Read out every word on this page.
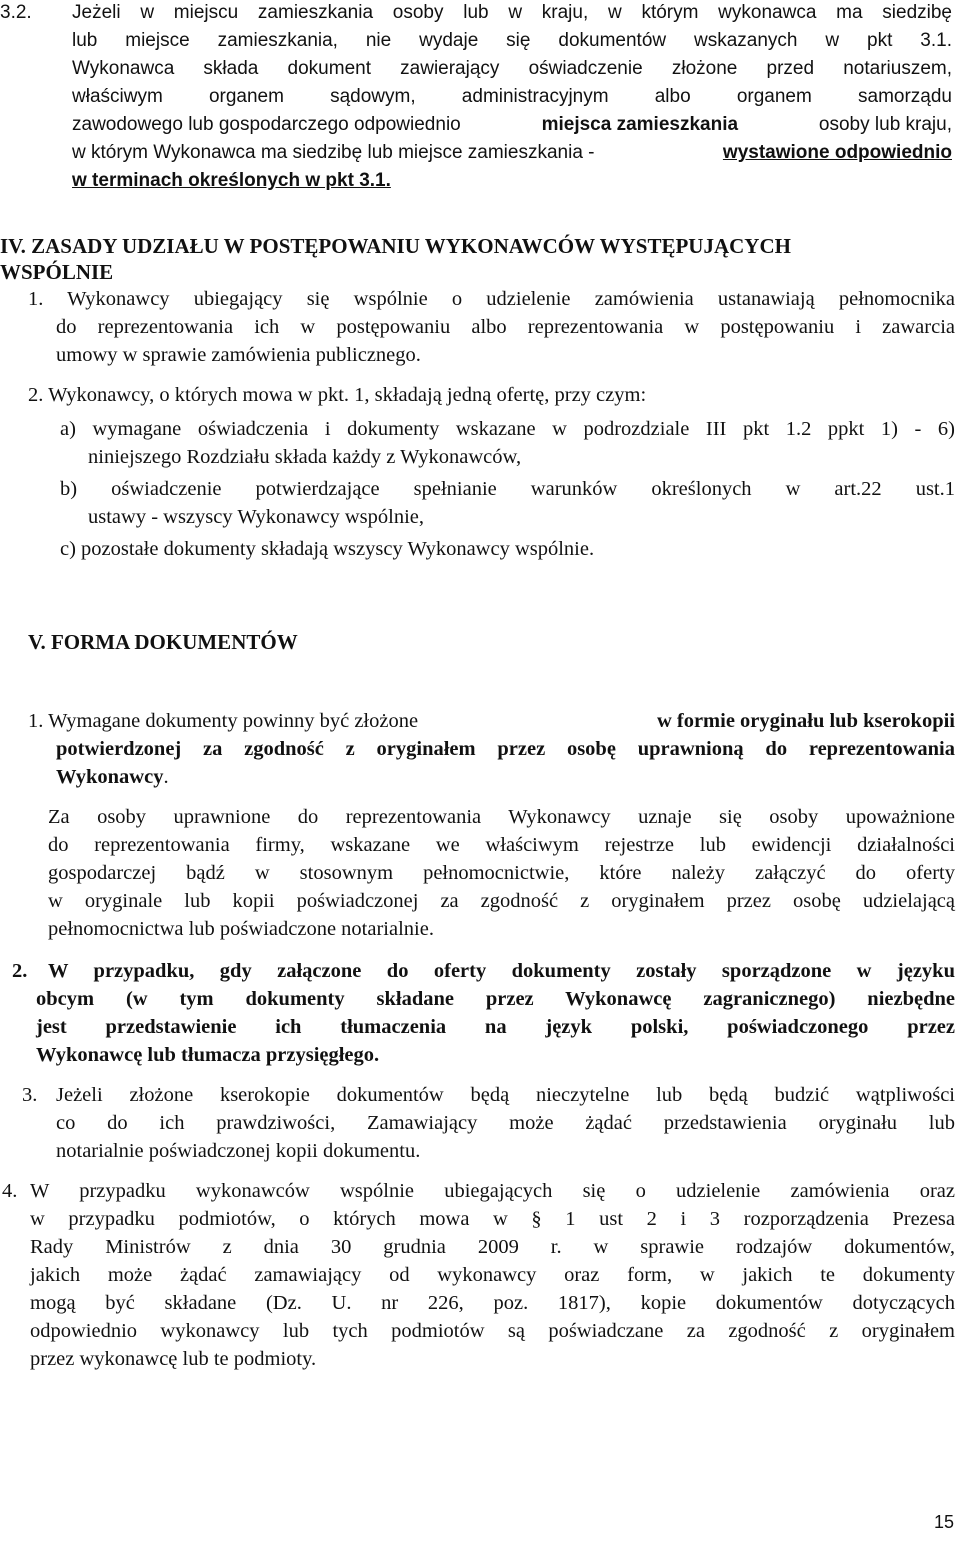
3.2. Jeżeli w miejscu zamieszkania osoby lub w kraju, w którym wykonawca ma siedzibę
lub miejsce zamieszkania, nie wydaje się dokumentów wskazanych w pkt 3.1.
Wykonawca składa dokument zawierający oświadczenie złożone przed notariuszem,
właściwym organem sądowym, administracyjnym albo organem samorządu
zawodowego lub gospodarczego odpowiednio	miejsca zamieszkania	osoby lub kraju,
w którym Wykonawca ma siedzibę lub miejsce zamieszkania -	wystawione odpowiednio
w terminach określonych w pkt 3.1.
IV. ZASADY UDZIAŁU W POSTĘPOWANIU WYKONAWCÓW WYSTĘPUJĄCYCH
WSPÓLNIE
1. Wykonawcy ubiegający się wspólnie o udzielenie zamówienia ustanawiają pełnomocnika
do reprezentowania ich w postępowaniu albo reprezentowania w postępowaniu i zawarcia
umowy w sprawie zamówienia publicznego.
2. Wykonawcy, o których mowa w pkt. 1, składają jedną ofertę, przy czym:
a) wymagane oświadczenia i dokumenty wskazane w podrozdziale III pkt 1.2 ppkt 1) - 6)
niniejszego Rozdziału składa każdy z Wykonawców,
b) oświadczenie potwierdzające spełnianie warunków określonych w art.22 ust.1
ustawy - wszyscy Wykonawcy wspólnie,
c) pozostałe dokumenty składają wszyscy Wykonawcy wspólnie.
V. FORMA DOKUMENTÓW
1. Wymagane dokumenty powinny być złożone	w formie oryginału lub kserokopii
potwierdzonej za zgodność z oryginałem przez osobę uprawnioną do reprezentowania
Wykonawcy.
Za osoby uprawnione do reprezentowania Wykonawcy uznaje się osoby upoważnione
do reprezentowania firmy, wskazane we właściwym rejestrze lub ewidencji działalności
gospodarczej bądź w stosownym pełnomocnictwie, które należy załączyć do oferty
w oryginale lub kopii poświadczonej za zgodność z oryginałem przez osobę udzielającą
pełnomocnictwa lub poświadczone notarialnie.
2. W przypadku, gdy załączone do oferty dokumenty zostały sporządzone w języku
obcym (w tym dokumenty składane przez Wykonawcę zagranicznego) niezbędne
jest przedstawienie ich tłumaczenia na język polski, poświadczonego przez
Wykonawcę lub tłumacza przysięgłego.
3. Jeżeli złożone kserokopie dokumentów będą nieczytelne lub będą budzić wątpliwości
co do ich prawdziwości, Zamawiający może żądać przedstawienia oryginału lub
notarialnie poświadczonej kopii dokumentu.
4. W przypadku wykonawców wspólnie ubiegających się o udzielenie zamówienia oraz
w przypadku podmiotów, o których mowa w § 1 ust 2 i 3 rozporządzenia Prezesa
Rady Ministrów z dnia 30 grudnia 2009 r. w sprawie rodzajów dokumentów,
jakich może żądać zamawiający od wykonawcy oraz form, w jakich te dokumenty
mogą być składane (Dz. U. nr 226, poz. 1817), kopie dokumentów dotyczących
odpowiednio wykonawcy lub tych podmiotów są poświadczane za zgodność z oryginałem
przez wykonawcę lub te podmioty.
15
